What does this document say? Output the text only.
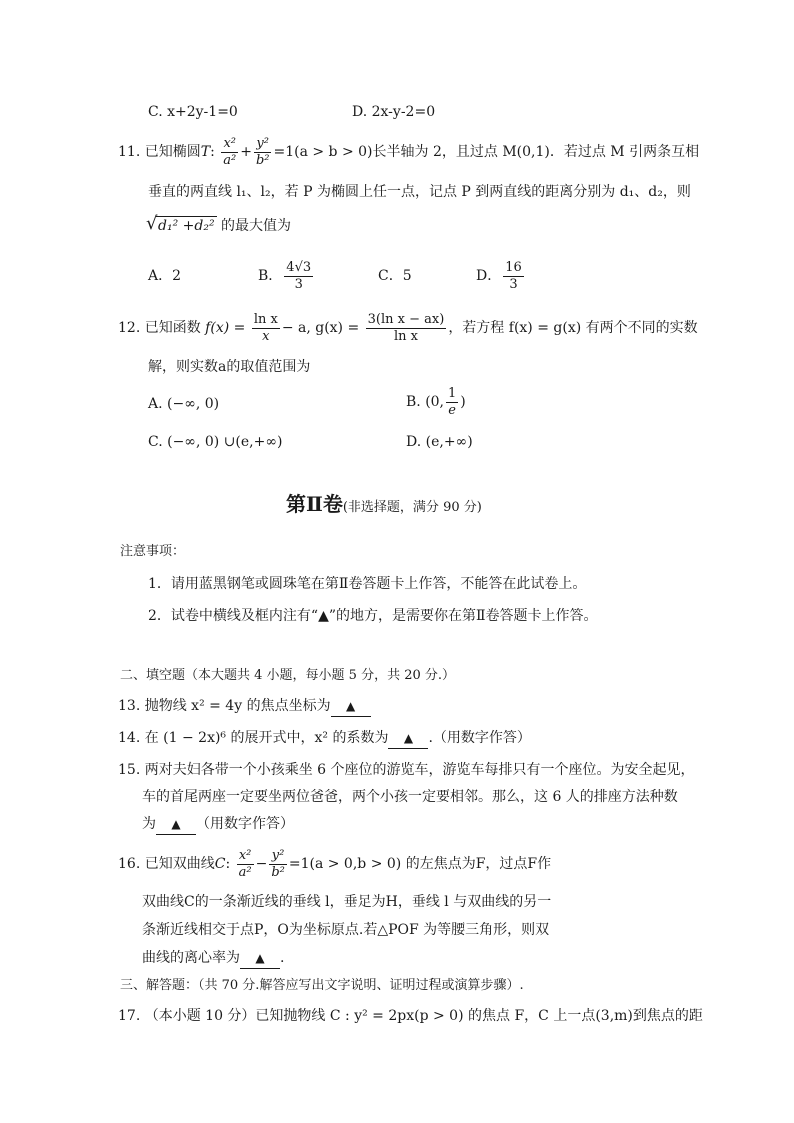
C. x+2y-1=0	D. 2x-y-2=0
11. 已知椭圆T: $\frac{\text{x²}}{\text{a²}} + \frac{\text{y²}}{\text{b²}} =1(a > b > 0)$长半轴为 2，且过点 M(0,1)．若过点 M 引两条互相
垂直的两直线 l₁、l₂，若 P 为椭圆上任一点，记点 P 到两直线的距离分别为 d₁、d₂，则
√ d₁² +d₂² 的最大值为
A．2	B． $\frac{4√3}{3}$	C．5	D． $\frac{16}{3}$
12. 已知函数 $f(x) = \frac{\text{ln x}}{x} - a$, $g(x) = \frac{\text{3(ln x − ax)}}{\text{ln x}}$ ，若方程 f(x) = g(x) 有两个不同的实数
解，则实数a的取值范围为
A. (−∞, 0)	B. (0, $\frac{1}{e}$ )
C. (−∞, 0) ∪(e,+∞)	D. (e,+∞)
第Ⅱ卷(非选择题，满分 90 分)
注意事项：
1．请用蓝黑钢笔或圆珠笔在第Ⅱ卷答题卡上作答，不能答在此试卷上。
2．试卷中横线及框内注有“▲”的地方，是需要你在第Ⅱ卷答题卡上作答。
二、填空题（本大题共 4 小题，每小题 5 分，共 20 分.）
13. 抛物线 x² = 4y 的焦点坐标为 ▲
14. 在 (1 − 2x)⁶ 的展开式中，x² 的系数为 ▲ .（用数字作答）
15. 两对夫妇各带一个小孩乘坐 6 个座位的游览车，游览车每排只有一个座位。为安全起见，
车的首尾两座一定要坐两位爸爸，两个小孩一定要相邻。那么，这 6 人的排座方法种数
为 ▲ （用数字作答）
16. 已知双曲线C: $\frac{\text{x²}}{\text{a²}} - \frac{\text{y²}}{\text{b²}} =1(a > 0,b > 0)$ 的左焦点为F，过点F作
双曲线C的一条渐近线的垂线 l，垂足为H，垂线 l 与双曲线的另一
条渐近线相交于点P，O为坐标原点.若△POF 为等腰三角形，则双
曲线的离心率为 ▲ .
三、解答题：（共 70 分.解答应写出文字说明、证明过程或演算步骤）.
17. （本小题 10 分）已知抛物线 C : y² = 2px(p > 0) 的焦点 F，C 上一点(3,m)到焦点的距
